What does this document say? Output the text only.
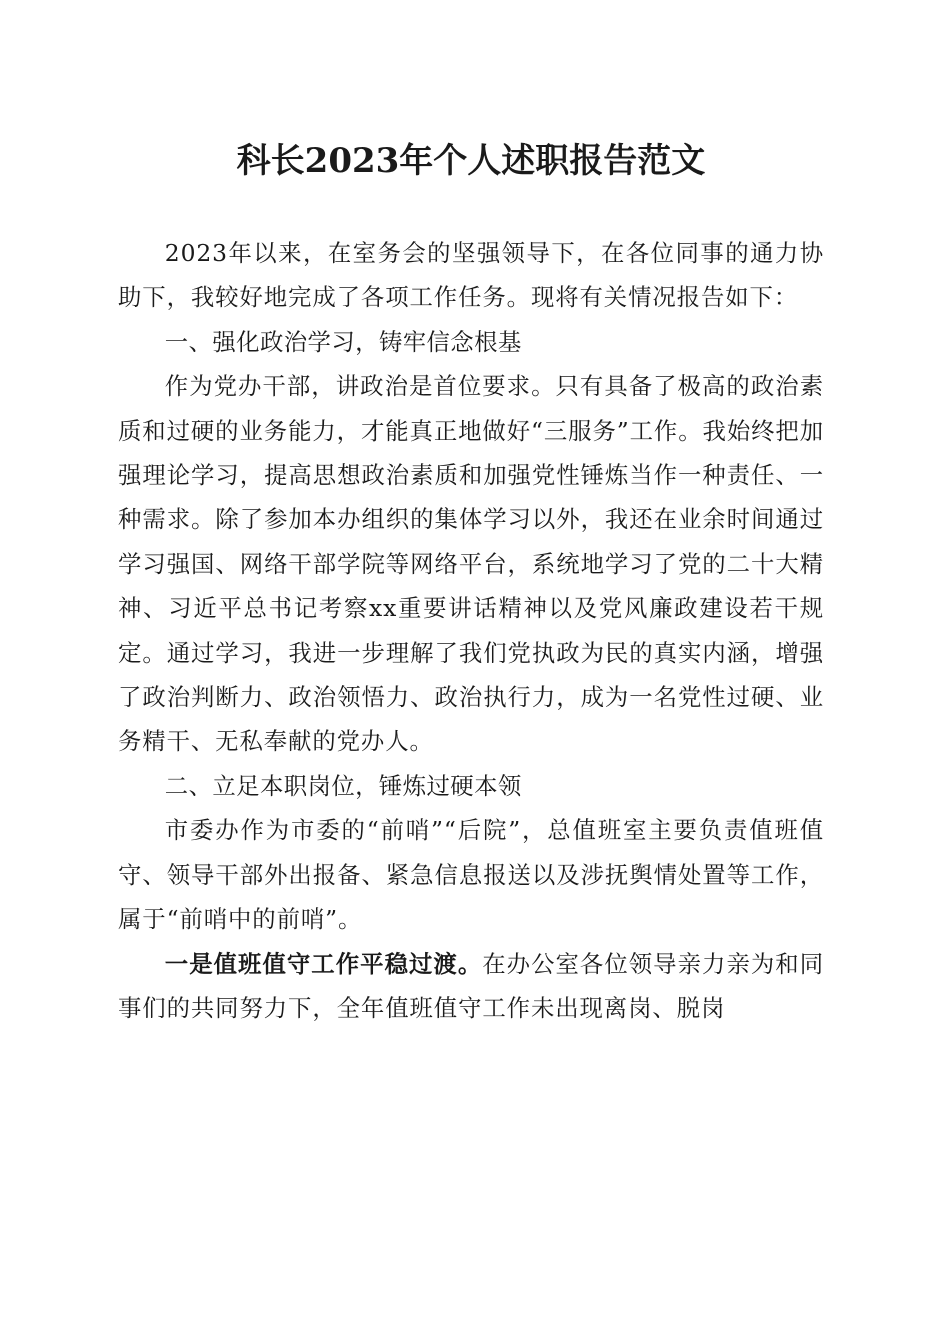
科长2023年个人述职报告范文

2023年以来，在室务会的坚强领导下，在各位同事的通力协助下，我较好地完成了各项工作任务。现将有关情况报告如下：

一、强化政治学习，铸牢信念根基

作为党办干部，讲政治是首位要求。只有具备了极高的政治素质和过硬的业务能力，才能真正地做好“三服务”工作。我始终把加强理论学习，提高思想政治素质和加强党性锤炼当作一种责任、一种需求。除了参加本办组织的集体学习以外，我还在业余时间通过学习强国、网络干部学院等网络平台，系统地学习了党的二十大精神、习近平总书记考察xx重要讲话精神以及党风廉政建设若干规定。通过学习，我进一步理解了我们党执政为民的真实内涵，增强了政治判断力、政治领悟力、政治执行力，成为一名党性过硬、业务精干、无私奉献的党办人。

二、立足本职岗位，锤炼过硬本领

市委办作为市委的“前哨”“后院”，总值班室主要负责值班值守、领导干部外出报备、紧急信息报送以及涉抚舆情处置等工作，属于“前哨中的前哨”。

一是值班值守工作平稳过渡。在办公室各位领导亲力亲为和同事们的共同努力下，全年值班值守工作未出现离岗、脱岗
